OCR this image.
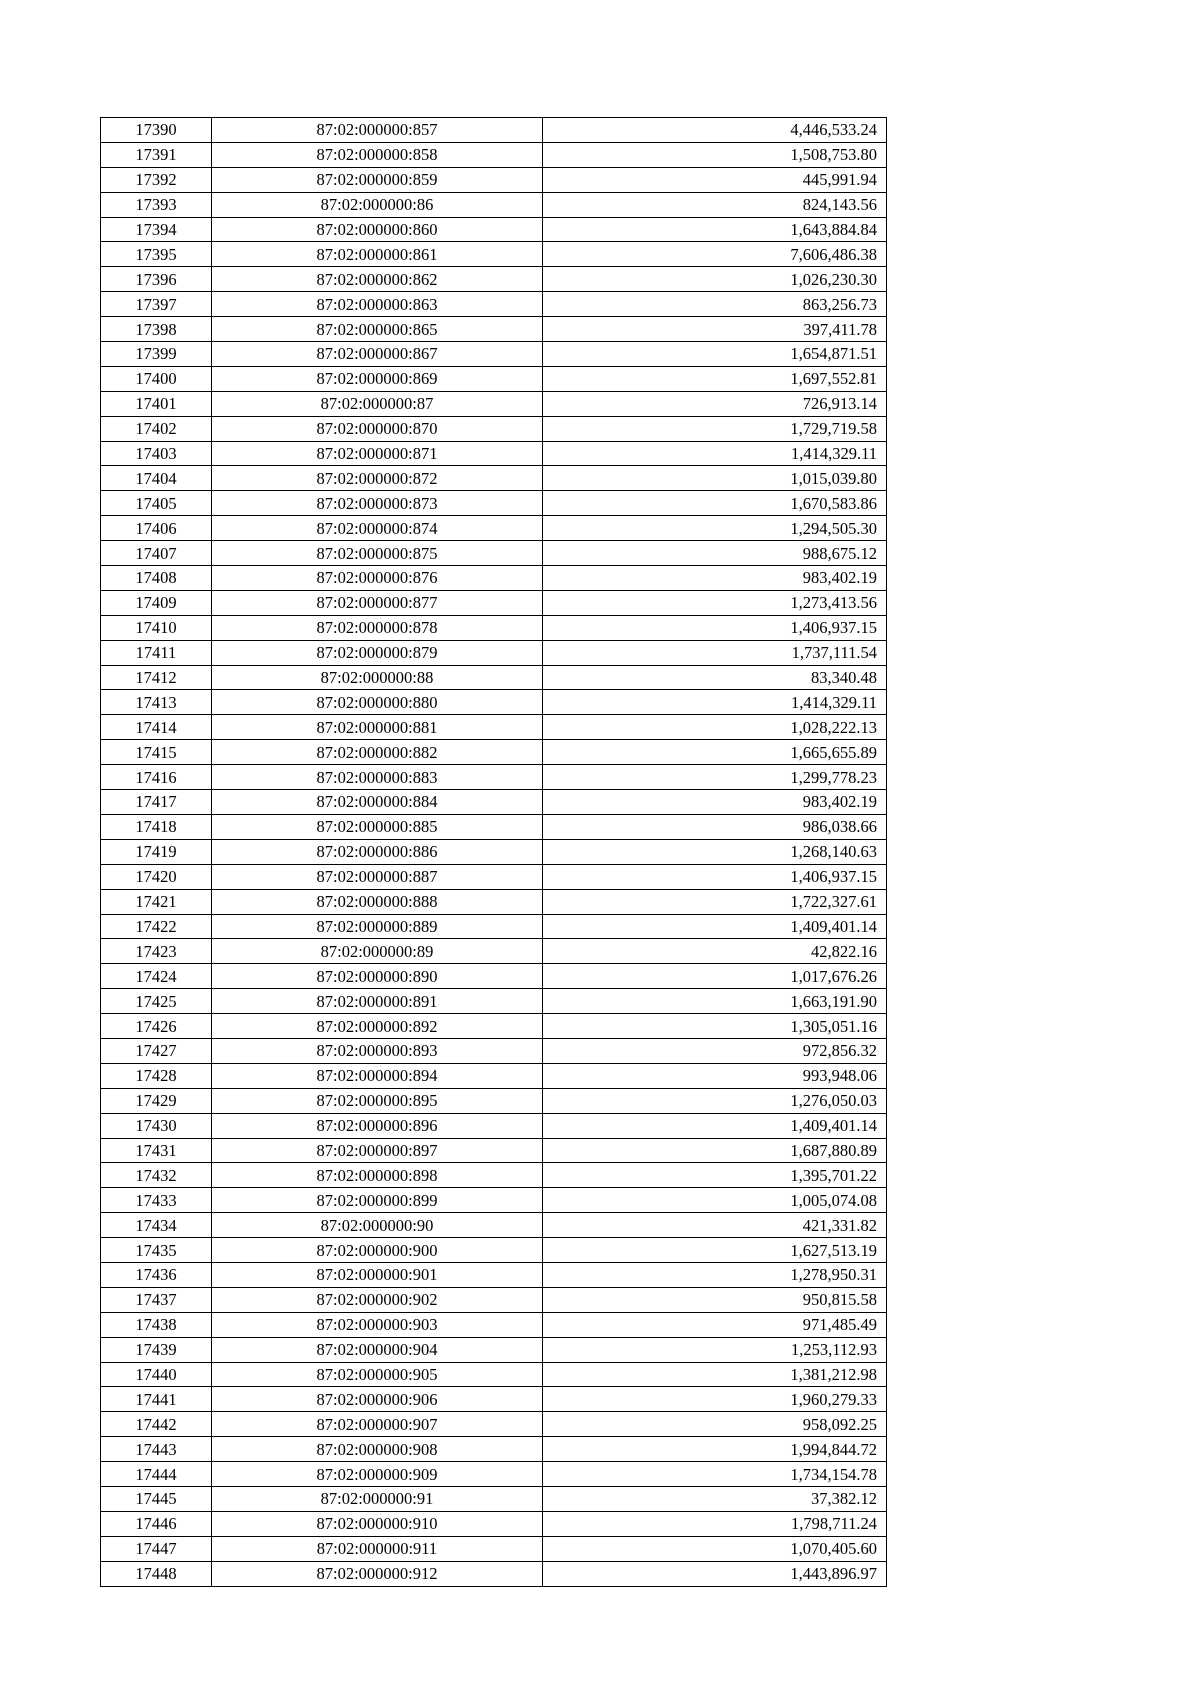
17390	87:02:000000:857	4,446,533.24
17391	87:02:000000:858	1,508,753.80
17392	87:02:000000:859	445,991.94
17393	87:02:000000:86	824,143.56
17394	87:02:000000:860	1,643,884.84
17395	87:02:000000:861	7,606,486.38
17396	87:02:000000:862	1,026,230.30
17397	87:02:000000:863	863,256.73
17398	87:02:000000:865	397,411.78
17399	87:02:000000:867	1,654,871.51
17400	87:02:000000:869	1,697,552.81
17401	87:02:000000:87	726,913.14
17402	87:02:000000:870	1,729,719.58
17403	87:02:000000:871	1,414,329.11
17404	87:02:000000:872	1,015,039.80
17405	87:02:000000:873	1,670,583.86
17406	87:02:000000:874	1,294,505.30
17407	87:02:000000:875	988,675.12
17408	87:02:000000:876	983,402.19
17409	87:02:000000:877	1,273,413.56
17410	87:02:000000:878	1,406,937.15
17411	87:02:000000:879	1,737,111.54
17412	87:02:000000:88	83,340.48
17413	87:02:000000:880	1,414,329.11
17414	87:02:000000:881	1,028,222.13
17415	87:02:000000:882	1,665,655.89
17416	87:02:000000:883	1,299,778.23
17417	87:02:000000:884	983,402.19
17418	87:02:000000:885	986,038.66
17419	87:02:000000:886	1,268,140.63
17420	87:02:000000:887	1,406,937.15
17421	87:02:000000:888	1,722,327.61
17422	87:02:000000:889	1,409,401.14
17423	87:02:000000:89	42,822.16
17424	87:02:000000:890	1,017,676.26
17425	87:02:000000:891	1,663,191.90
17426	87:02:000000:892	1,305,051.16
17427	87:02:000000:893	972,856.32
17428	87:02:000000:894	993,948.06
17429	87:02:000000:895	1,276,050.03
17430	87:02:000000:896	1,409,401.14
17431	87:02:000000:897	1,687,880.89
17432	87:02:000000:898	1,395,701.22
17433	87:02:000000:899	1,005,074.08
17434	87:02:000000:90	421,331.82
17435	87:02:000000:900	1,627,513.19
17436	87:02:000000:901	1,278,950.31
17437	87:02:000000:902	950,815.58
17438	87:02:000000:903	971,485.49
17439	87:02:000000:904	1,253,112.93
17440	87:02:000000:905	1,381,212.98
17441	87:02:000000:906	1,960,279.33
17442	87:02:000000:907	958,092.25
17443	87:02:000000:908	1,994,844.72
17444	87:02:000000:909	1,734,154.78
17445	87:02:000000:91	37,382.12
17446	87:02:000000:910	1,798,711.24
17447	87:02:000000:911	1,070,405.60
17448	87:02:000000:912	1,443,896.97
